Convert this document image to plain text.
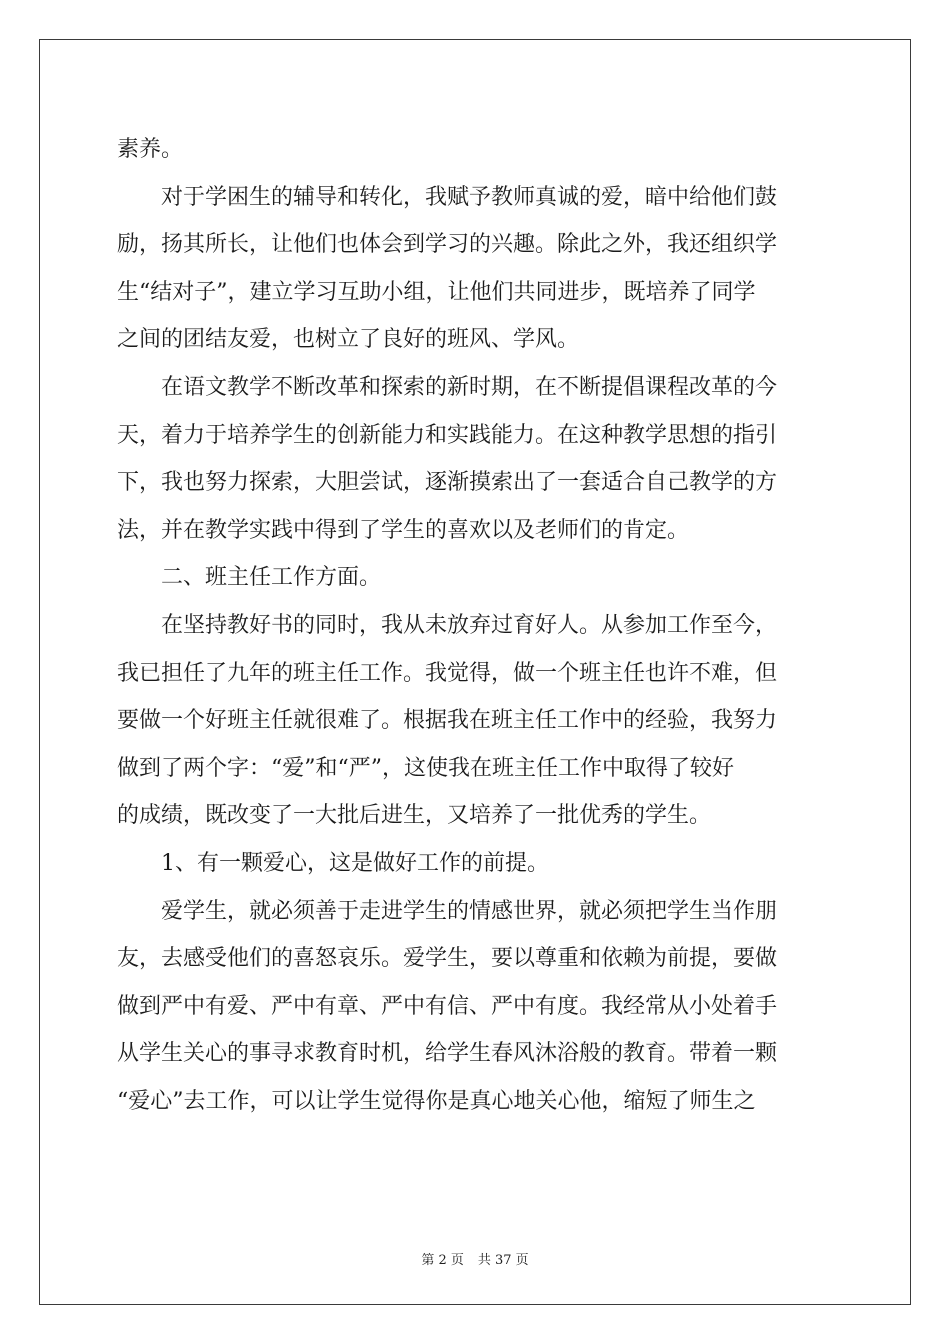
素养。
　　对于学困生的辅导和转化，我赋予教师真诚的爱，暗中给他们鼓
励，扬其所长，让他们也体会到学习的兴趣。除此之外，我还组织学
生“结对子”，建立学习互助小组，让他们共同进步，既培养了同学
之间的团结友爱，也树立了良好的班风、学风。
　　在语文教学不断改革和探索的新时期，在不断提倡课程改革的今
天，着力于培养学生的创新能力和实践能力。在这种教学思想的指引
下，我也努力探索，大胆尝试，逐渐摸索出了一套适合自己教学的方
法，并在教学实践中得到了学生的喜欢以及老师们的肯定。
　　二、班主任工作方面。
　　在坚持教好书的同时，我从未放弃过育好人。从参加工作至今，
我已担任了九年的班主任工作。我觉得，做一个班主任也许不难，但
要做一个好班主任就很难了。根据我在班主任工作中的经验，我努力
做到了两个字：“爱”和“严”，这使我在班主任工作中取得了较好
的成绩，既改变了一大批后进生，又培养了一批优秀的学生。
　　1、有一颗爱心，这是做好工作的前提。
　　爱学生，就必须善于走进学生的情感世界，就必须把学生当作朋
友，去感受他们的喜怒哀乐。爱学生，要以尊重和依赖为前提，要做
做到严中有爱、严中有章、严中有信、严中有度。我经常从小处着手
从学生关心的事寻求教育时机，给学生春风沐浴般的教育。带着一颗
“爱心”去工作，可以让学生觉得你是真心地关心他，缩短了师生之
第 2 页 共 37 页
